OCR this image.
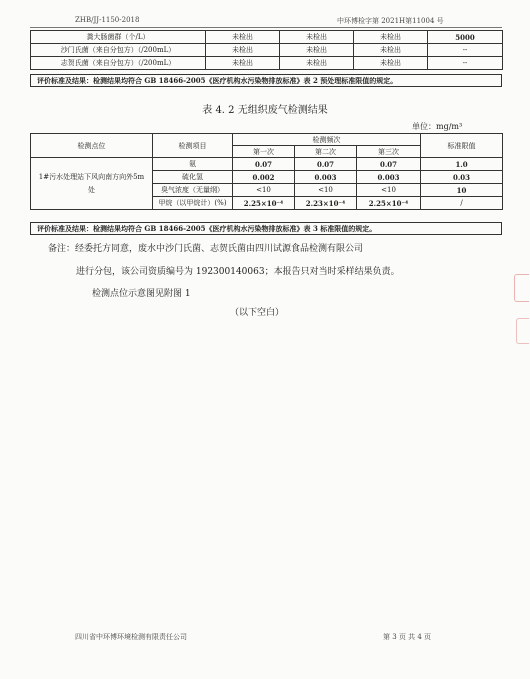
ZHB/JJ-1150-2018	中环博检字第 2021H第11004 号
粪大肠菌群（个/L）	未检出	未检出	未检出	5000
沙门氏菌（来自分包方）（/200mL）	未检出	未检出	未检出	--
志贺氏菌（来自分包方）（/200mL）	未检出	未检出	未检出	--
评价标准及结果：检测结果均符合 GB 18466-2005《医疗机构水污染物排放标准》表 2 预处理标准限值的规定。
表 4. 2 无组织废气检测结果
单位：mg/m³
检测点位	检测项目	检测频次			标准限值
		第一次	第二次	第三次	
1#污水处理站下风向南方向外5m 处	氨	0.07	0.07	0.07	1.0
	硫化氢	0.002	0.003	0.003	0.03
	臭气浓度（无量纲）	<10	<10	<10	10
	甲烷（以甲烷计）(%)	2.25×10⁻⁴	2.23×10⁻⁴	2.25×10⁻⁴	/
评价标准及结果：检测结果均符合 GB 18466-2005《医疗机构水污染物排放标准》表 3 标准限值的规定。
备注：经委托方同意，废水中沙门氏菌、志贺氏菌由四川试源食品检测有限公司
进行分包，该公司资质编号为 192300140063；本报告只对当时采样结果负责。
检测点位示意图见附图 1
（以下空白）
四川省中环博环境检测有限责任公司	第 3 页 共 4 页
